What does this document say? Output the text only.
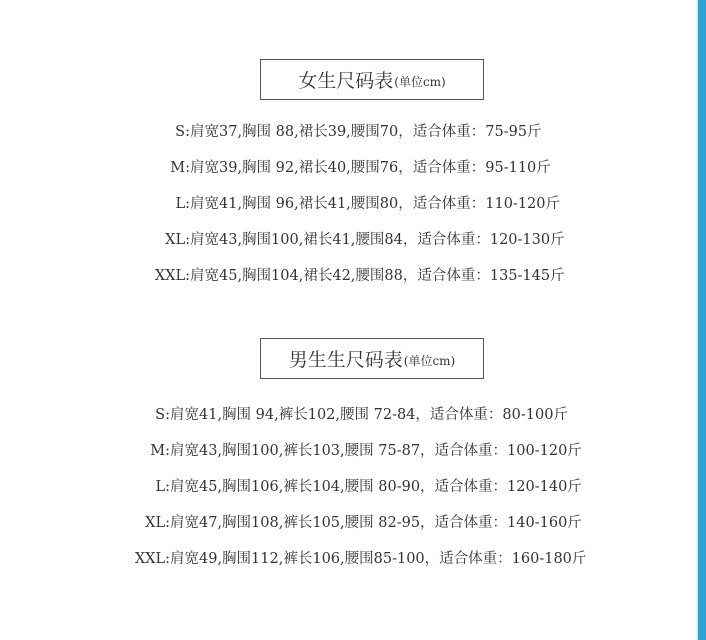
女生尺码表 (单位cm)
S: 肩宽37,胸围 88,裙长39,腰围70，适合体重：75-95斤
M: 肩宽39,胸围 92,裙长40,腰围76，适合体重：95-110斤
L: 肩宽41,胸围 96,裙长41,腰围80，适合体重：110-120斤
XL: 肩宽43,胸围100,裙长41,腰围84，适合体重：120-130斤
XXL: 肩宽45,胸围104,裙长42,腰围88，适合体重：135-145斤
男生生尺码表 (单位cm)
S: 肩宽41,胸围 94,裤长102,腰围 72-84，适合体重：80-100斤
M: 肩宽43,胸围100,裤长103,腰围 75-87，适合体重：100-120斤
L: 肩宽45,胸围106,裤长104,腰围 80-90，适合体重：120-140斤
XL: 肩宽47,胸围108,裤长105,腰围 82-95，适合体重：140-160斤
XXL: 肩宽49,胸围112,裤长106,腰围85-100，适合体重：160-180斤
